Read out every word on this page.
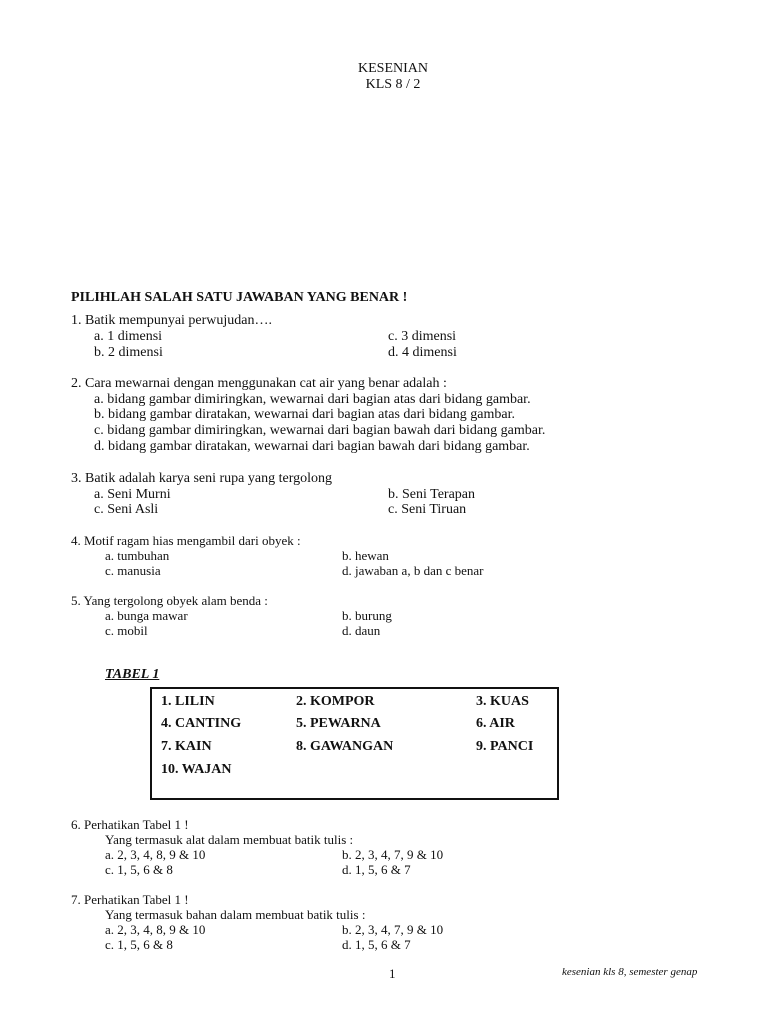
KESENIAN
KLS 8 / 2
PILIHLAH SALAH SATU JAWABAN YANG BENAR !
1. Batik mempunyai perwujudan….
a. 1 dimensi	c. 3 dimensi
b. 2 dimensi	d. 4 dimensi
2. Cara mewarnai dengan menggunakan cat air yang benar adalah :
a. bidang gambar dimiringkan, wewarnai dari bagian atas dari bidang gambar.
b. bidang gambar diratakan, wewarnai dari bagian atas dari bidang gambar.
c. bidang gambar dimiringkan, wewarnai dari bagian bawah dari bidang gambar.
d. bidang gambar diratakan, wewarnai dari bagian bawah dari bidang gambar.
3. Batik adalah karya seni rupa yang tergolong
a. Seni Murni	b. Seni Terapan
c. Seni Asli	c. Seni Tiruan
4. Motif ragam hias mengambil dari obyek :
a. tumbuhan	b. hewan
c. manusia	d. jawaban a, b dan c benar
5. Yang tergolong obyek alam benda :
a. bunga mawar	b. burung
c. mobil	d. daun
TABEL 1
1. LILIN	2. KOMPOR	3. KUAS
4. CANTING	5. PEWARNA	6. AIR
7. KAIN	8. GAWANGAN	9. PANCI
10. WAJAN
6. Perhatikan Tabel 1 !
Yang termasuk alat dalam membuat batik tulis :
a. 2, 3, 4, 8, 9 & 10	b. 2, 3, 4, 7, 9 & 10
c. 1, 5, 6 & 8	d. 1, 5, 6 & 7
7. Perhatikan Tabel 1 !
Yang termasuk bahan dalam membuat batik tulis :
a. 2, 3, 4, 8, 9 & 10	b. 2, 3, 4, 7, 9 & 10
c. 1, 5, 6 & 8	d. 1, 5, 6 & 7
1	kesenian kls 8, semester genap
